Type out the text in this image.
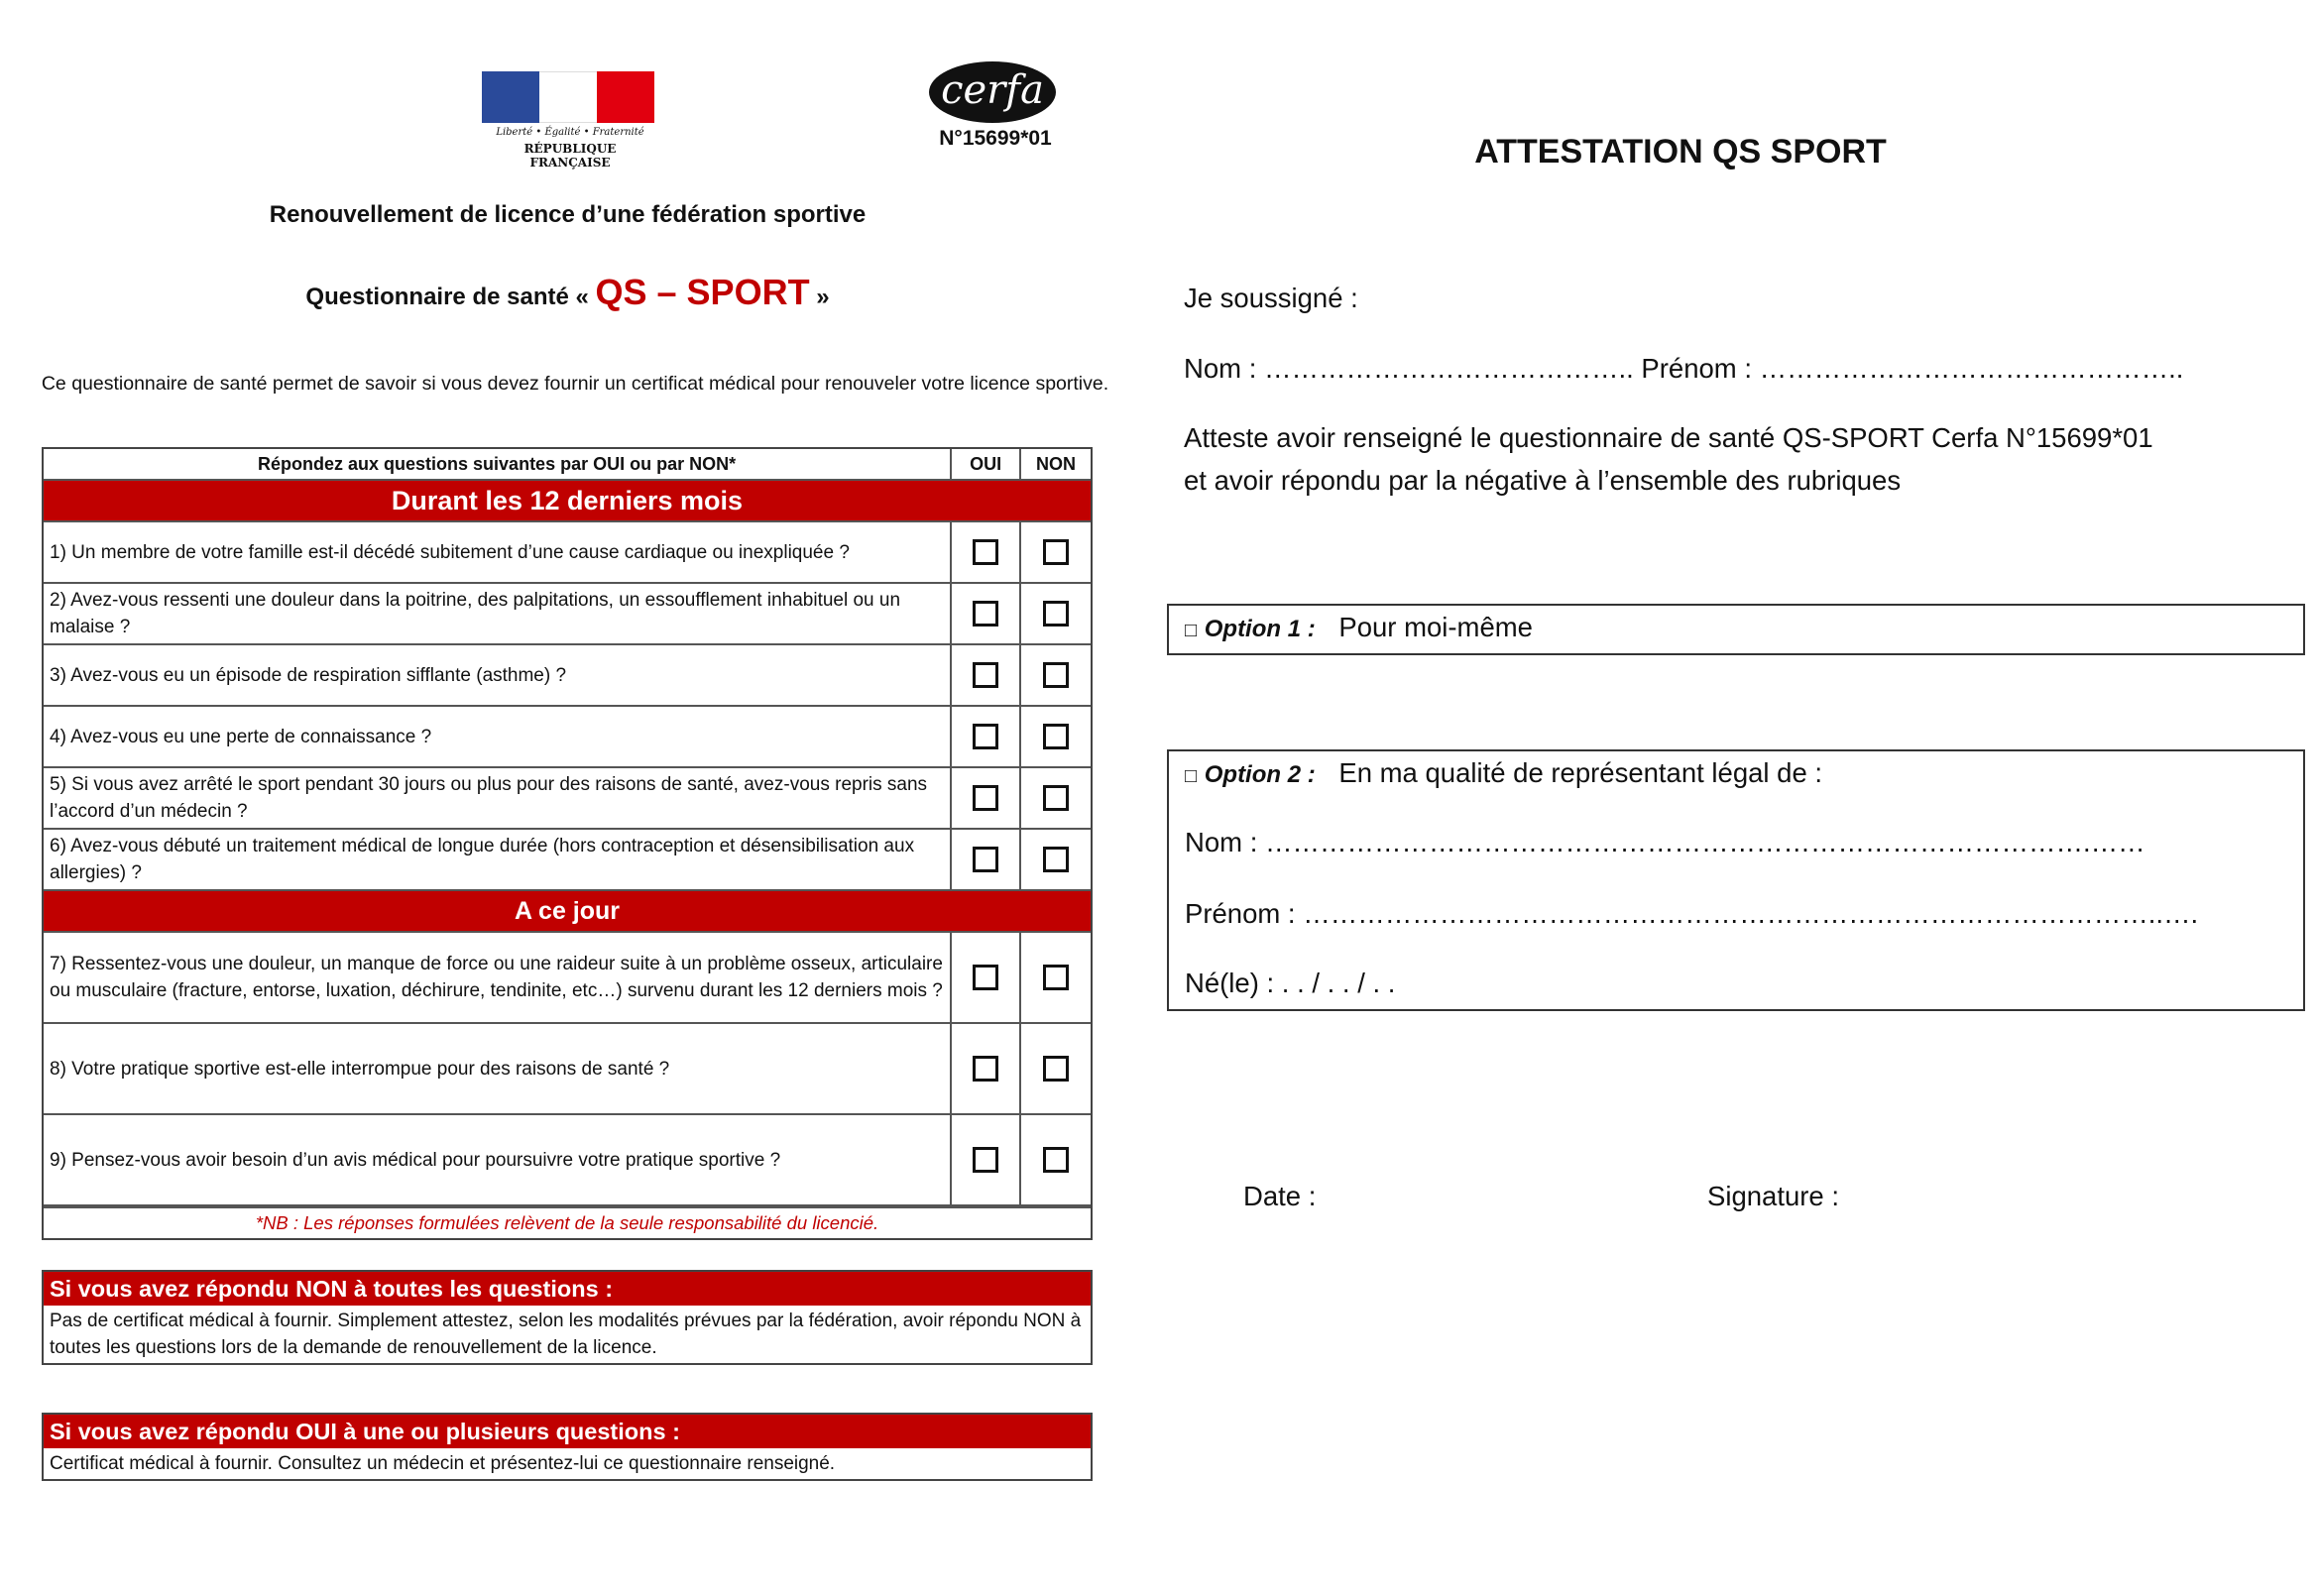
Liberté • Égalité • Fraternité
RÉPUBLIQUE FRANÇAISE
cerfa
N°15699*01
Renouvellement de licence d’une fédération sportive
Questionnaire de santé « QS – SPORT »
Ce questionnaire de santé permet de savoir si vous devez fournir un certificat médical pour renouveler votre licence sportive.
Répondez aux questions suivantes par OUI ou par NON*	OUI	NON
Durant les 12 derniers mois
1) Un membre de votre famille est-il décédé subitement d’une cause cardiaque ou inexpliquée ?
2) Avez-vous ressenti une douleur dans la poitrine, des palpitations, un essoufflement inhabituel ou un malaise ?
3) Avez-vous eu un épisode de respiration sifflante (asthme) ?
4) Avez-vous eu une perte de connaissance ?
5) Si vous avez arrêté le sport pendant 30 jours ou plus pour des raisons de santé, avez-vous repris sans l’accord d’un médecin ?
6) Avez-vous débuté un traitement médical de longue durée (hors contraception et désensibilisation aux allergies) ?
A ce jour
7) Ressentez-vous une douleur, un manque de force ou une raideur suite à un problème osseux, articulaire ou musculaire (fracture, entorse, luxation, déchirure, tendinite, etc…) survenu durant les 12 derniers mois ?
8) Votre pratique sportive est-elle interrompue pour des raisons de santé ?
9) Pensez-vous avoir besoin d’un avis médical pour poursuivre votre pratique sportive ?
*NB : Les réponses formulées relèvent de la seule responsabilité du licencié.
Si vous avez répondu NON à toutes les questions :
Pas de certificat médical à fournir. Simplement attestez, selon les modalités prévues par la fédération, avoir répondu NON à toutes les questions lors de la demande de renouvellement de la licence.
Si vous avez répondu OUI à une ou plusieurs questions :
Certificat médical à fournir. Consultez un médecin et présentez-lui ce questionnaire renseigné.
ATTESTATION QS SPORT
Je soussigné :
Nom : ………………………………….. Prénom : ………………………………………..
Atteste avoir renseigné le questionnaire de santé QS-SPORT Cerfa N°15699*01
et avoir répondu par la négative à l’ensemble des rubriques
□ Option 1 : Pour moi-même
□ Option 2 : En ma qualité de représentant légal de :
Nom : ……………………………………………………………………………….……
Prénom : …………………………………………………………………………………..….
Né(le) : . . / . . / . .
Date :	Signature :
